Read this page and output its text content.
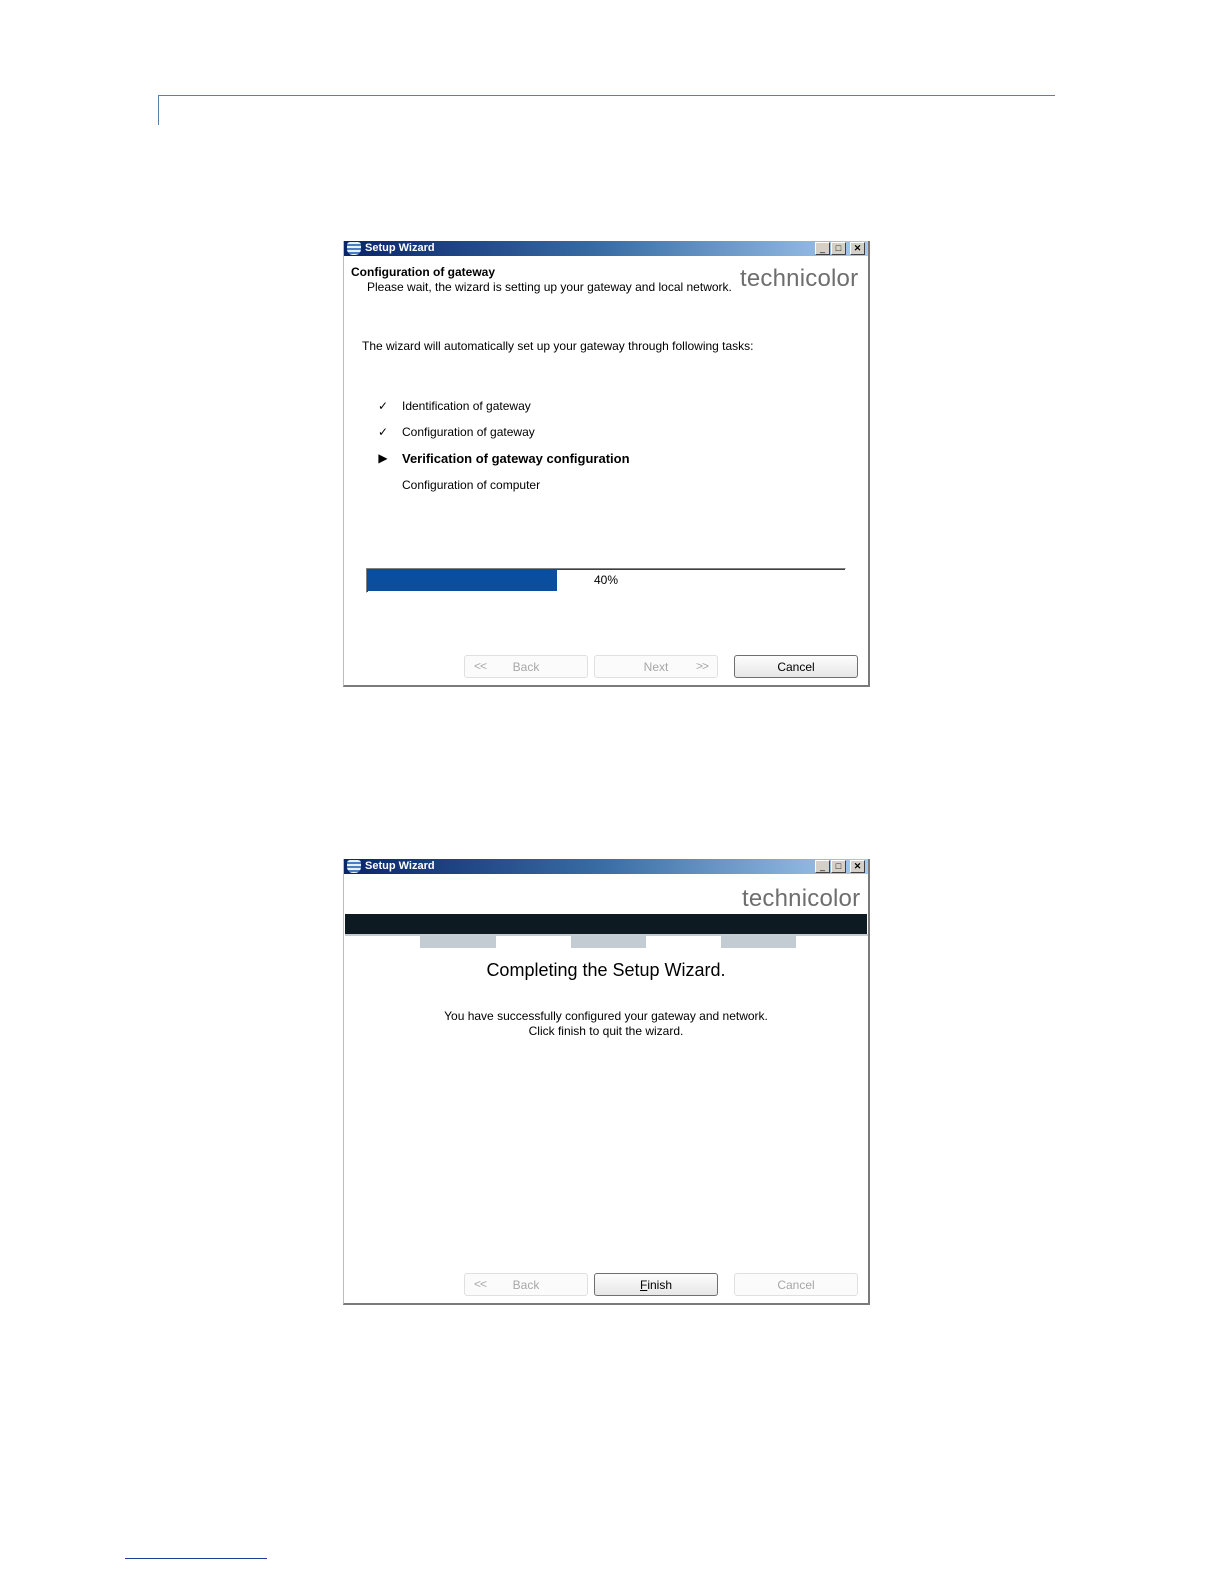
Setup Wizard	_	□	✕
technicolor
Configuration of gateway
Please wait, the wizard is setting up your gateway and local network.
The wizard will automatically set up your gateway through following tasks:
✓ Identification of gateway
✓ Configuration of gateway
▶ Verification of gateway configuration
Configuration of computer
40%
<<	Back	Next	>>	Cancel
Setup Wizard	_	□	✕
technicolor
Completing the Setup Wizard.
You have successfully configured your gateway and network.
Click finish to quit the wizard.
<<	Back	Finish	Cancel
